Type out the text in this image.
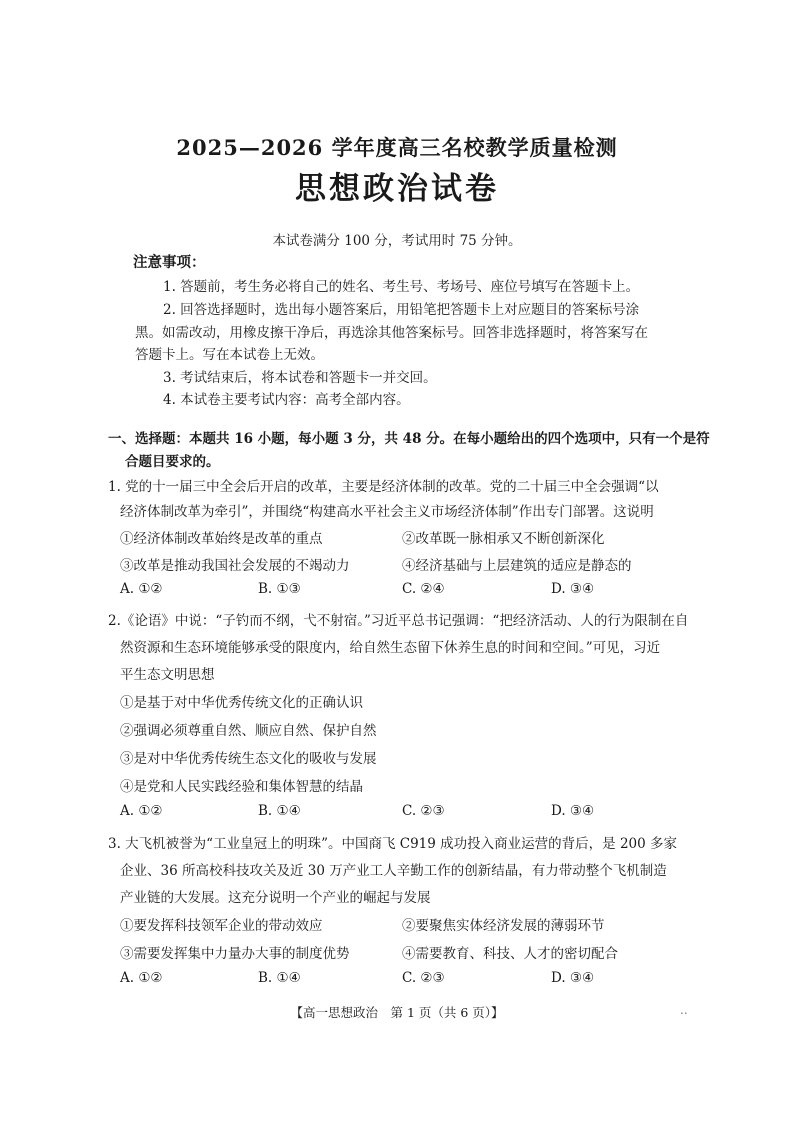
2025—2026 学年度高三名校教学质量检测
思想政治试卷
本试卷满分 100 分，考试用时 75 分钟。
注意事项：
1. 答题前，考生务必将自己的姓名、考生号、考场号、座位号填写在答题卡上。
2. 回答选择题时，选出每小题答案后，用铅笔把答题卡上对应题目的答案标号涂
黑。如需改动，用橡皮擦干净后，再选涂其他答案标号。回答非选择题时，将答案写在
答题卡上。写在本试卷上无效。
3. 考试结束后，将本试卷和答题卡一并交回。
4. 本试卷主要考试内容：高考全部内容。
一、选择题：本题共 16 小题，每小题 3 分，共 48 分。在每小题给出的四个选项中，只有一个是符
合题目要求的。
1. 党的十一届三中全会后开启的改革，主要是经济体制的改革。党的二十届三中全会强调“以
经济体制改革为牵引”，并围绕“构建高水平社会主义市场经济体制”作出专门部署。这说明
①经济体制改革始终是改革的重点	②改革既一脉相承又不断创新深化
③改革是推动我国社会发展的不竭动力	④经济基础与上层建筑的适应是静态的
A. ①②	B. ①③	C. ②④	D. ③④
2.《论语》中说：“子钓而不纲，弋不射宿。”习近平总书记强调：“把经济活动、人的行为限制在自
然资源和生态环境能够承受的限度内，给自然生态留下休养生息的时间和空间。”可见，习近
平生态文明思想
①是基于对中华优秀传统文化的正确认识
②强调必须尊重自然、顺应自然、保护自然
③是对中华优秀传统生态文化的吸收与发展
④是党和人民实践经验和集体智慧的结晶
A. ①②	B. ①④	C. ②③	D. ③④
3. 大飞机被誉为“工业皇冠上的明珠”。中国商飞 C919 成功投入商业运营的背后，是 200 多家
企业、36 所高校科技攻关及近 30 万产业工人辛勤工作的创新结晶，有力带动整个飞机制造
产业链的大发展。这充分说明一个产业的崛起与发展
①要发挥科技领军企业的带动效应	②要聚焦实体经济发展的薄弱环节
③需要发挥集中力量办大事的制度优势	④需要教育、科技、人才的密切配合
A. ①②	B. ①④	C. ②③	D. ③④
【高一思想政治　第 1 页（共 6 页）】	..
